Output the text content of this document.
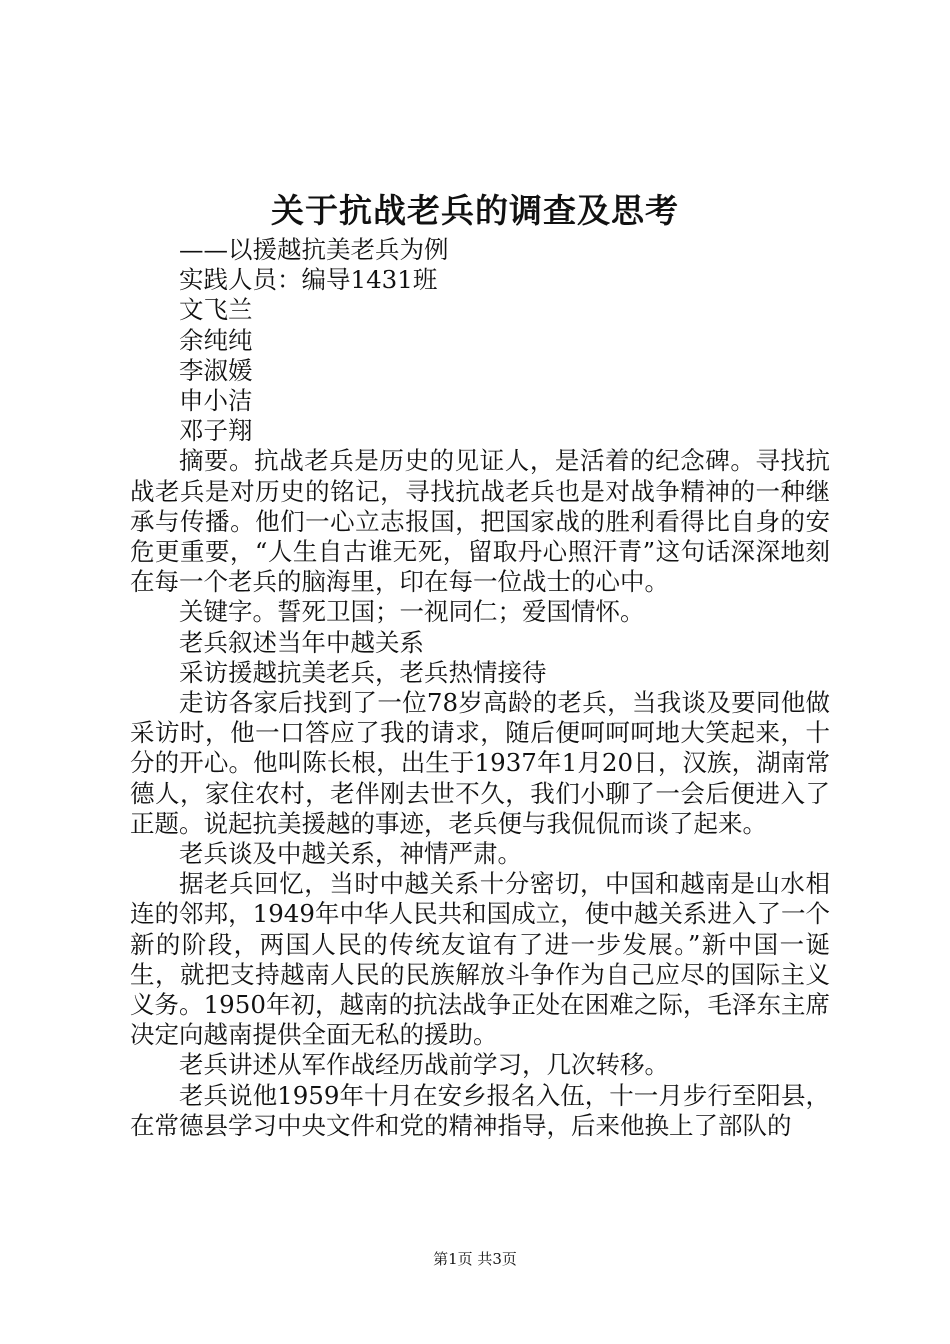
关于抗战老兵的调查及思考

——以援越抗美老兵为例

实践人员：编导1431班

文飞兰

余纯纯

李淑媛

申小洁

邓子翔

摘要。抗战老兵是历史的见证人，是活着的纪念碑。寻找抗战老兵是对历史的铭记，寻找抗战老兵也是对战争精神的一种继承与传播。他们一心立志报国，把国家战的胜利看得比自身的安危更重要，“人生自古谁无死，留取丹心照汗青”这句话深深地刻在每一个老兵的脑海里，印在每一位战士的心中。

关键字。誓死卫国；一视同仁；爱国情怀。

老兵叙述当年中越关系

采访援越抗美老兵，老兵热情接待

走访各家后找到了一位78岁高龄的老兵，当我谈及要同他做采访时，他一口答应了我的请求，随后便呵呵呵地大笑起来，十分的开心。他叫陈长根，出生于1937年1月20日，汉族，湖南常德人，家住农村，老伴刚去世不久，我们小聊了一会后便进入了正题。说起抗美援越的事迹，老兵便与我侃侃而谈了起来。

老兵谈及中越关系，神情严肃。

据老兵回忆，当时中越关系十分密切，中国和越南是山水相连的邻邦，1949年中华人民共和国成立，使中越关系进入了一个新的阶段，两国人民的传统友谊有了进一步发展。”新中国一诞生，就把支持越南人民的民族解放斗争作为自己应尽的国际主义义务。1950年初，越南的抗法战争正处在困难之际，毛泽东主席决定向越南提供全面无私的援助。

老兵讲述从军作战经历战前学习，几次转移。

老兵说他1959年十月在安乡报名入伍，十一月步行至阳县，在常德县学习中央文件和党的精神指导，后来他换上了部队的

第1页 共3页
